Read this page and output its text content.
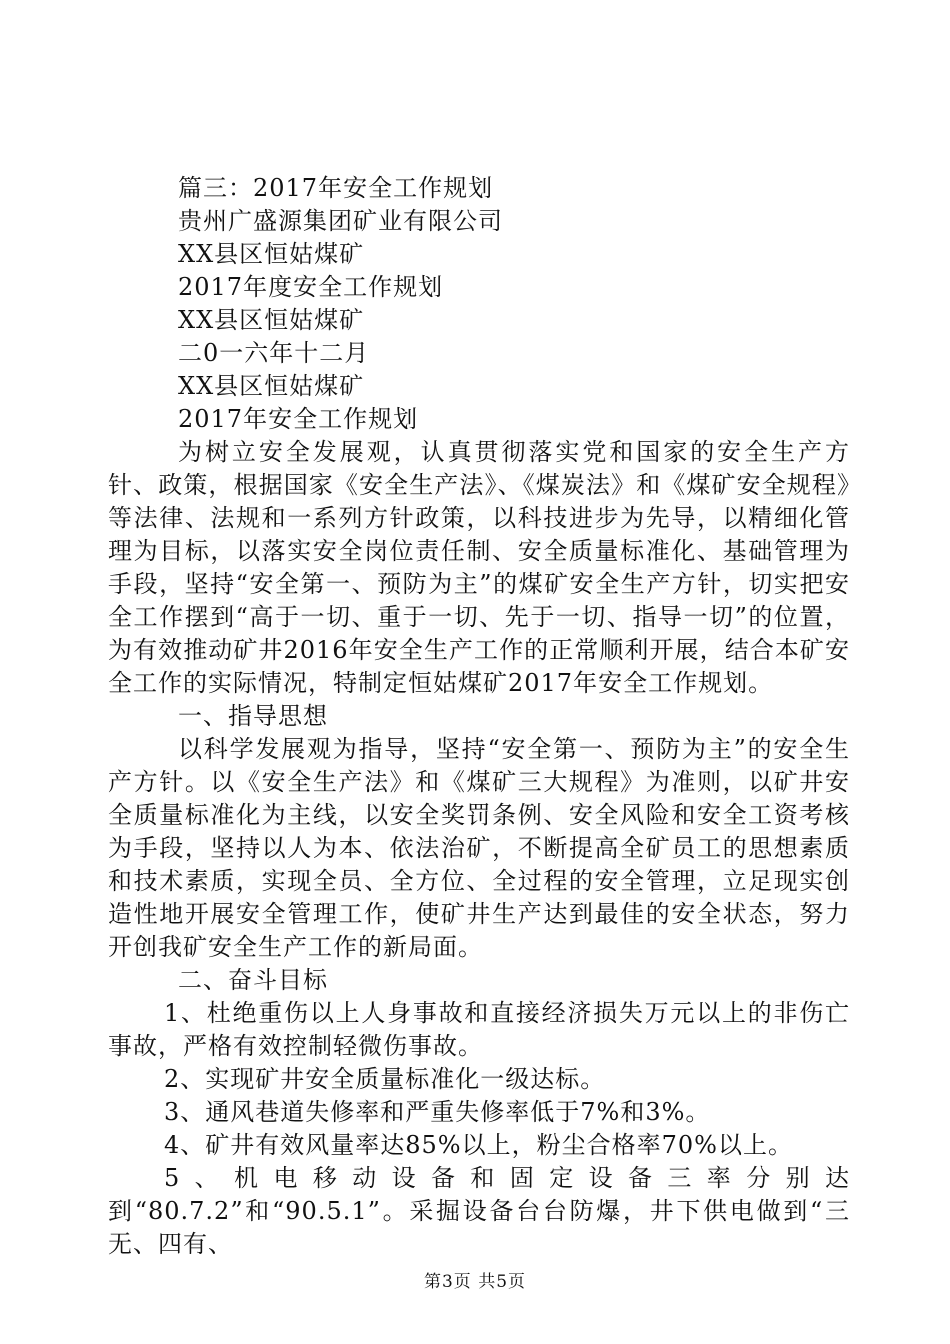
篇三：2017年安全工作规划
贵州广盛源集团矿业有限公司
XX县区恒姑煤矿
2017年度安全工作规划
XX县区恒姑煤矿
二0一六年十二月
XX县区恒姑煤矿
2017年安全工作规划

为树立安全发展观，认真贯彻落实党和国家的安全生产方针、政策，根据国家《安全生产法》、《煤炭法》和《煤矿安全规程》等法律、法规和一系列方针政策，以科技进步为先导，以精细化管理为目标，以落实安全岗位责任制、安全质量标准化、基础管理为手段，坚持“安全第一、预防为主”的煤矿安全生产方针，切实把安全工作摆到“高于一切、重于一切、先于一切、指导一切”的位置，为有效推动矿井2016年安全生产工作的正常顺利开展，结合本矿安全工作的实际情况，特制定恒姑煤矿2017年安全工作规划。

一、指导思想

以科学发展观为指导，坚持“安全第一、预防为主”的安全生产方针。以《安全生产法》和《煤矿三大规程》为准则，以矿井安全质量标准化为主线，以安全奖罚条例、安全风险和安全工资考核为手段，坚持以人为本、依法治矿，不断提高全矿员工的思想素质和技术素质，实现全员、全方位、全过程的安全管理，立足现实创造性地开展安全管理工作，使矿井生产达到最佳的安全状态，努力开创我矿安全生产工作的新局面。

二、奋斗目标

1、杜绝重伤以上人身事故和直接经济损失万元以上的非伤亡事故，严格有效控制轻微伤事故。

2、实现矿井安全质量标准化一级达标。

3、通风巷道失修率和严重失修率低于7%和3%。

4、矿井有效风量率达85%以上，粉尘合格率70%以上。

5、机电移动设备和固定设备三率分别达到“80.7.2”和“90.5.1”。采掘设备台台防爆，井下供电做到“三无、四有、

第3页 共5页
